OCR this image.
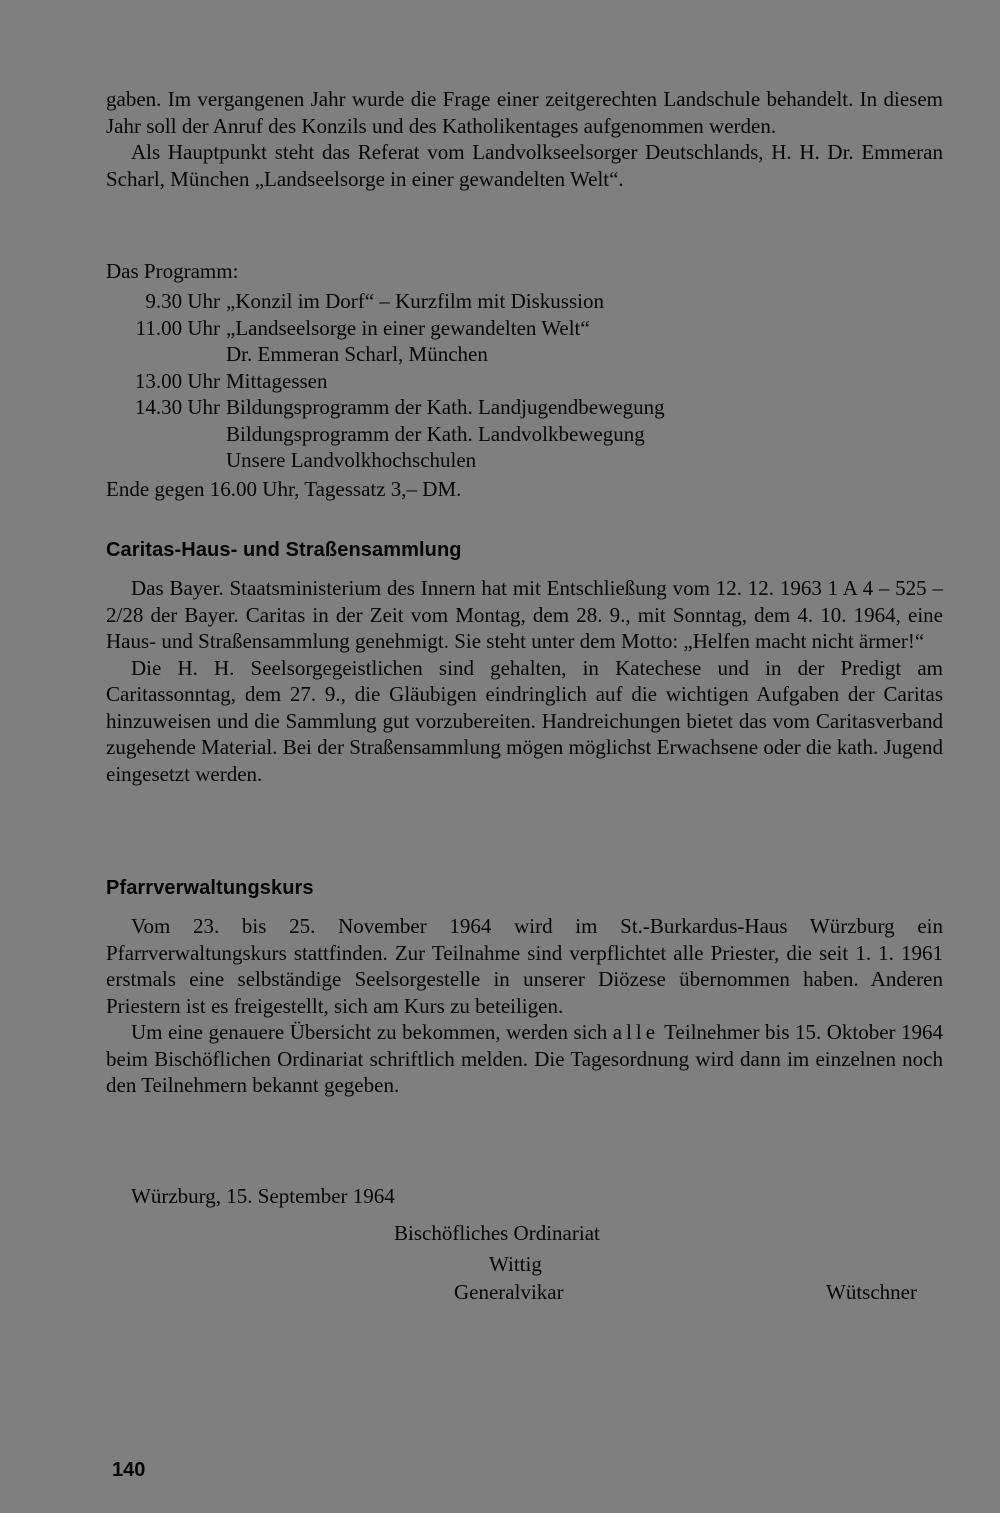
gaben. Im vergangenen Jahr wurde die Frage einer zeitgerechten Landschule behandelt. In diesem Jahr soll der Anruf des Konzils und des Katholikentages aufgenommen werden.

Als Hauptpunkt steht das Referat vom Landvolkseelsorger Deutschlands, H. H. Dr. Emmeran Scharl, München „Landseelsorge in einer gewandelten Welt“.

Das Programm:
9.30 Uhr „Konzil im Dorf“ – Kurzfilm mit Diskussion
11.00 Uhr „Landseelsorge in einer gewandelten Welt“
Dr. Emmeran Scharl, München
13.00 Uhr Mittagessen
14.30 Uhr Bildungsprogramm der Kath. Landjugendbewegung
Bildungsprogramm der Kath. Landvolkbewegung
Unsere Landvolkhochschulen
Ende gegen 16.00 Uhr, Tagessatz 3,– DM.
Caritas-Haus- und Straßensammlung

Das Bayer. Staatsministerium des Innern hat mit Entschließung vom 12. 12. 1963 1 A 4 – 525 – 2/28 der Bayer. Caritas in der Zeit vom Montag, dem 28. 9., mit Sonntag, dem 4. 10. 1964, eine Haus- und Straßensammlung genehmigt. Sie steht unter dem Motto: „Helfen macht nicht ärmer!“

Die H. H. Seelsorgegeistlichen sind gehalten, in Katechese und in der Predigt am Caritassonntag, dem 27. 9., die Gläubigen eindringlich auf die wichtigen Aufgaben der Caritas hinzuweisen und die Sammlung gut vorzubereiten. Handreichungen bietet das vom Caritasverband zugehende Material. Bei der Straßensammlung mögen möglichst Erwachsene oder die kath. Jugend eingesetzt werden.

Pfarrverwaltungskurs

Vom 23. bis 25. November 1964 wird im St.-Burkardus-Haus Würzburg ein Pfarrverwaltungskurs stattfinden. Zur Teilnahme sind verpflichtet alle Priester, die seit 1. 1. 1961 erstmals eine selbständige Seelsorgestelle in unserer Diözese übernommen haben. Anderen Priestern ist es freigestellt, sich am Kurs zu beteiligen.

Um eine genauere Übersicht zu bekommen, werden sich alle Teilnehmer bis 15. Oktober 1964 beim Bischöflichen Ordinariat schriftlich melden. Die Tagesordnung wird dann im einzelnen noch den Teilnehmern bekannt gegeben.

Würzburg, 15. September 1964
Bischöfliches Ordinariat
Wittig
Generalvikar	Wütschner
140
